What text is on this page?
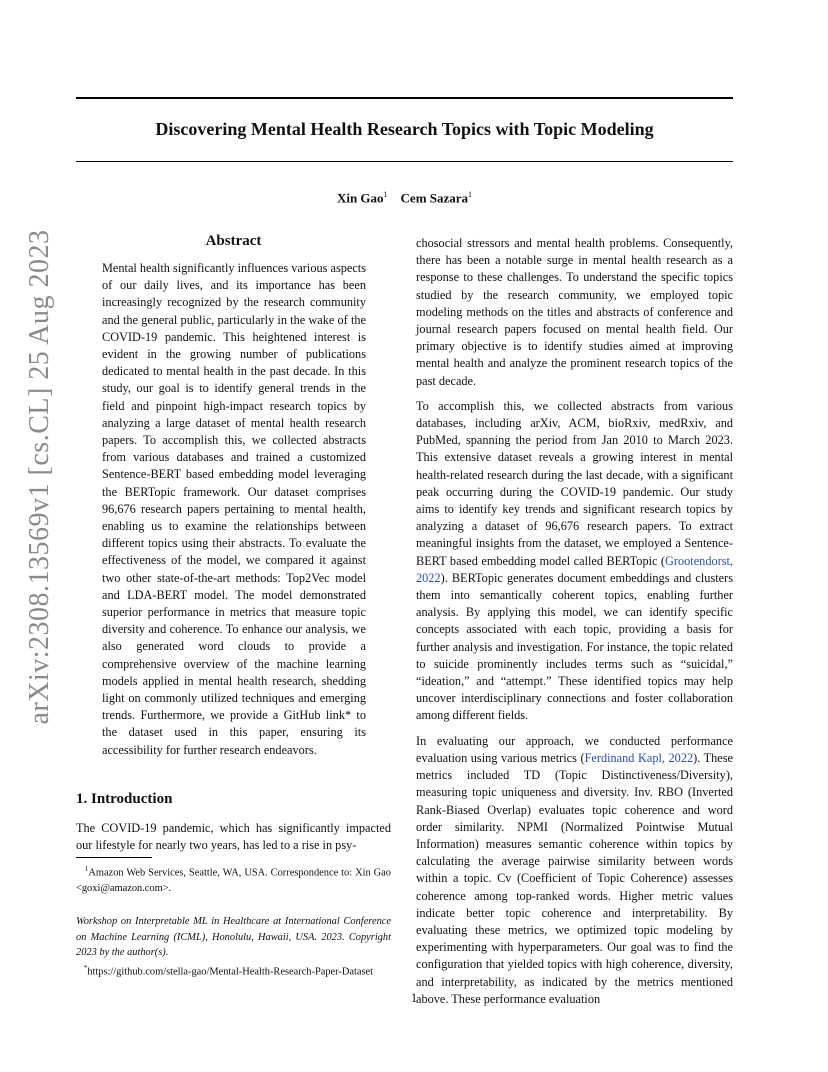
Discovering Mental Health Research Topics with Topic Modeling
Xin Gao$^1$ Cem Sazara$^1$
arXiv:2308.13569v1 [cs.CL] 25 Aug 2023	Abstract
Mental health significantly influences various aspects of our daily lives, and its importance has been increasingly recognized by the research community and the general public, particularly in the wake of the COVID-19 pandemic. This heightened interest is evident in the growing number of publications dedicated to mental health in the past decade. In this study, our goal is to identify general trends in the field and pinpoint high-impact research topics by analyzing a large dataset of mental health research papers. To accomplish this, we collected abstracts from various databases and trained a customized Sentence-BERT based embedding model leveraging the BERTopic framework. Our dataset comprises 96,676 research papers pertaining to mental health, enabling us to examine the relationships between different topics using their abstracts. To evaluate the effectiveness of the model, we compared it against two other state-of-the-art methods: Top2Vec model and LDA-BERT model. The model demonstrated superior performance in metrics that measure topic diversity and coherence. To enhance our analysis, we also generated word clouds to provide a comprehensive overview of the machine learning models applied in mental health research, shedding light on commonly utilized techniques and emerging trends. Furthermore, we provide a GitHub link* to the dataset used in this paper, ensuring its accessibility for further research endeavors.
1. Introduction
The COVID-19 pandemic, which has significantly impacted our lifestyle for nearly two years, has led to a rise in psy-

$^1$Amazon Web Services, Seattle, WA, USA. Correspondence to: Xin Gao <goxi@amazon.com>.

Workshop on Interpretable ML in Healthcare at International Conference on Machine Learning (ICML), Honolulu, Hawaii, USA. 2023. Copyright 2023 by the author(s).

*https://github.com/stella-gao/Mental-Health-Research-Paper-Dataset

chosocial stressors and mental health problems. Consequently, there has been a notable surge in mental health research as a response to these challenges. To understand the specific topics studied by the research community, we employed topic modeling methods on the titles and abstracts of conference and journal research papers focused on mental health field. Our primary objective is to identify studies aimed at improving mental health and analyze the prominent research topics of the past decade.

To accomplish this, we collected abstracts from various databases, including arXiv, ACM, bioRxiv, medRxiv, and PubMed, spanning the period from Jan 2010 to March 2023. This extensive dataset reveals a growing interest in mental health-related research during the last decade, with a significant peak occurring during the COVID-19 pandemic. Our study aims to identify key trends and significant research topics by analyzing a dataset of 96,676 research papers. To extract meaningful insights from the dataset, we employed a Sentence-BERT based embedding model called BERTopic (Grootendorst, 2022). BERTopic generates document embeddings and clusters them into semantically coherent topics, enabling further analysis. By applying this model, we can identify specific concepts associated with each topic, providing a basis for further analysis and investigation. For instance, the topic related to suicide prominently includes terms such as “suicidal,” “ideation,” and “attempt.” These identified topics may help uncover interdisciplinary connections and foster collaboration among different fields.

In evaluating our approach, we conducted performance evaluation using various metrics (Ferdinand Kapl, 2022). These metrics included TD (Topic Distinctiveness/Diversity), measuring topic uniqueness and diversity. Inv. RBO (Inverted Rank-Biased Overlap) evaluates topic coherence and word order similarity. NPMI (Normalized Pointwise Mutual Information) measures semantic coherence within topics by calculating the average pairwise similarity between words within a topic. Cv (Coefficient of Topic Coherence) assesses coherence among top-ranked words. Higher metric values indicate better topic coherence and interpretability. By evaluating these metrics, we optimized topic modeling by experimenting with hyperparameters. Our goal was to find the configuration that yielded topics with high coherence, diversity, and interpretability, as indicated by the metrics mentioned above. These performance evaluation

1
